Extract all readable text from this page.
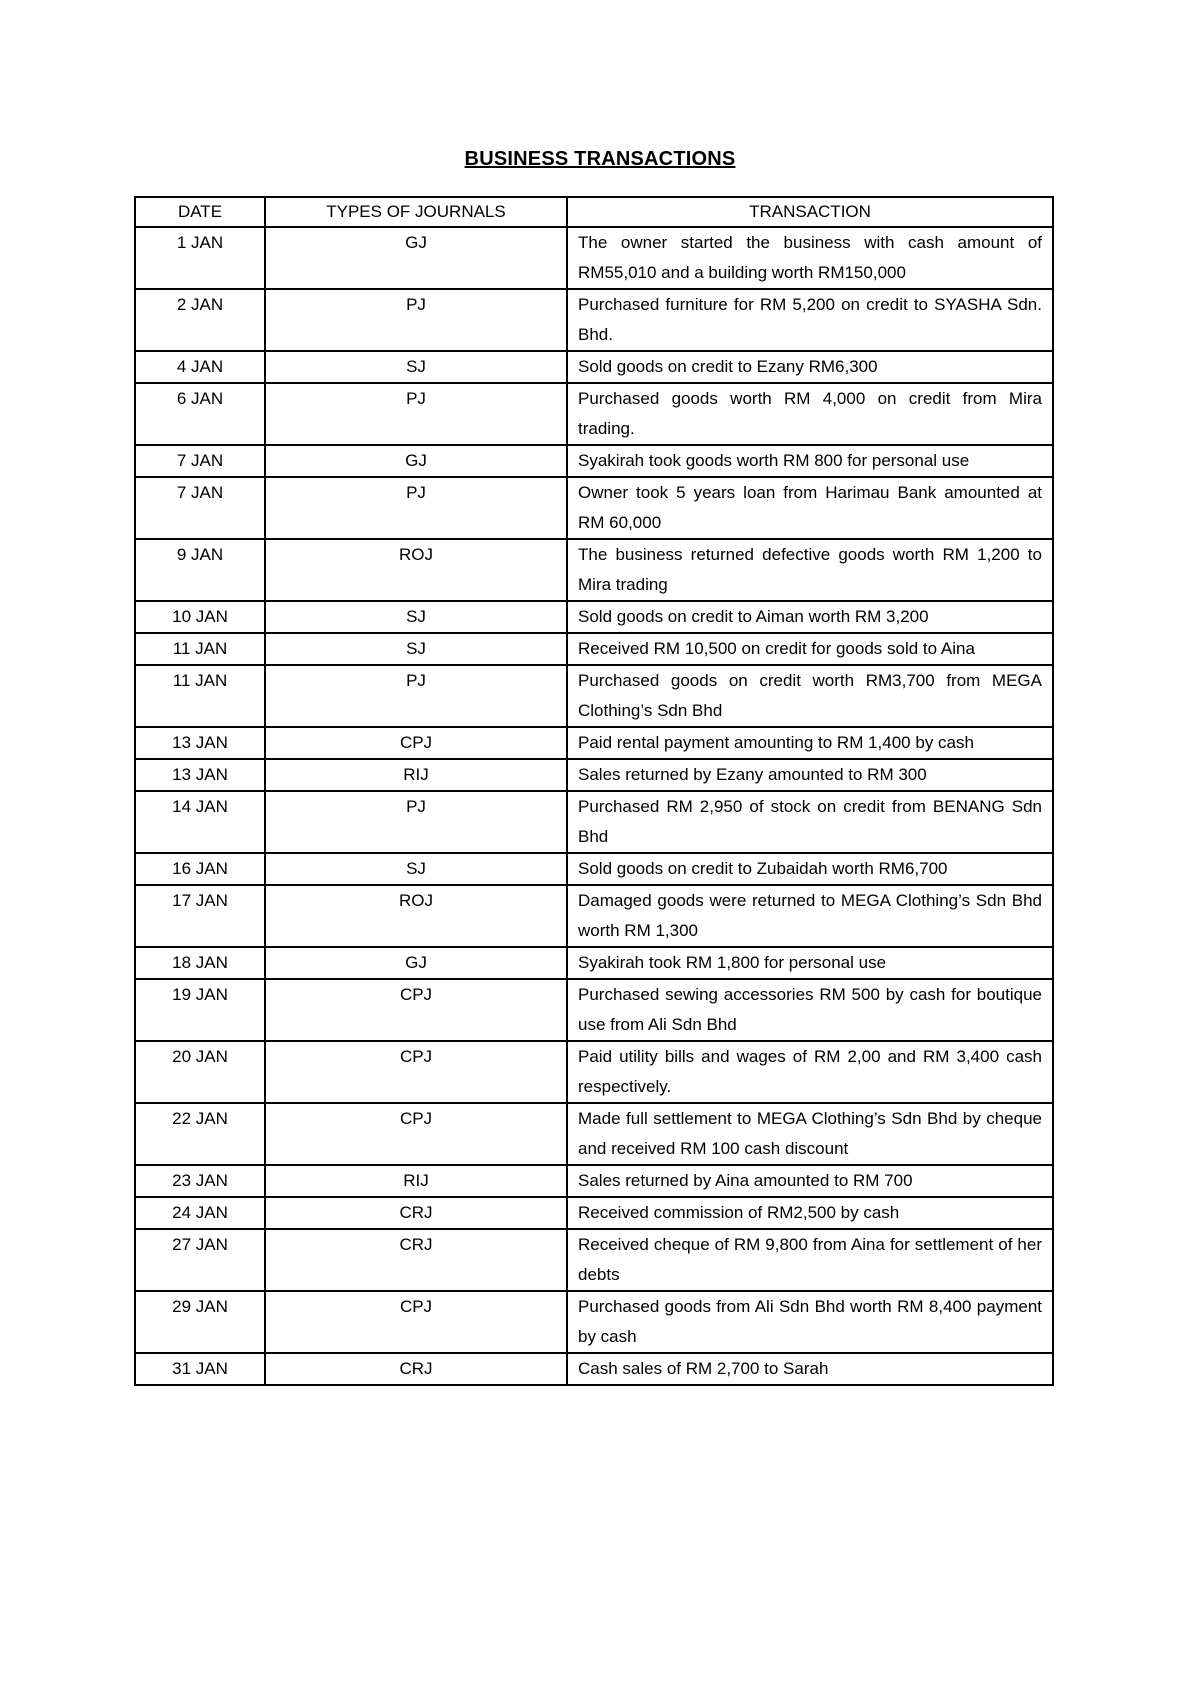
BUSINESS TRANSACTIONS
DATE	TYPES OF JOURNALS	TRANSACTION
1 JAN	GJ	The owner started the business with cash amount of RM55,010 and a building worth RM150,000
2 JAN	PJ	Purchased furniture for RM 5,200 on credit to SYASHA Sdn. Bhd.
4 JAN	SJ	Sold goods on credit to Ezany RM6,300
6 JAN	PJ	Purchased goods worth RM 4,000 on credit from Mira trading.
7 JAN	GJ	Syakirah took goods worth RM 800 for personal use
7 JAN	PJ	Owner took 5 years loan from Harimau Bank amounted at RM 60,000
9 JAN	ROJ	The business returned defective goods worth RM 1,200 to Mira trading
10 JAN	SJ	Sold goods on credit to Aiman worth RM 3,200
11 JAN	SJ	Received RM 10,500 on credit for goods sold to Aina
11 JAN	PJ	Purchased goods on credit worth RM3,700 from MEGA Clothing’s Sdn Bhd
13 JAN	CPJ	Paid rental payment amounting to RM 1,400 by cash
13 JAN	RIJ	Sales returned by Ezany amounted to RM 300
14 JAN	PJ	Purchased RM 2,950 of stock on credit from BENANG Sdn Bhd
16 JAN	SJ	Sold goods on credit to Zubaidah worth RM6,700
17 JAN	ROJ	Damaged goods were returned to MEGA Clothing’s Sdn Bhd worth RM 1,300
18 JAN	GJ	Syakirah took RM 1,800 for personal use
19 JAN	CPJ	Purchased sewing accessories RM 500 by cash for boutique use from Ali Sdn Bhd
20 JAN	CPJ	Paid utility bills and wages of RM 2,00 and RM 3,400 cash respectively.
22 JAN	CPJ	Made full settlement to MEGA Clothing’s Sdn Bhd by cheque and received RM 100 cash discount
23 JAN	RIJ	Sales returned by Aina amounted to RM 700
24 JAN	CRJ	Received commission of RM2,500 by cash
27 JAN	CRJ	Received cheque of RM 9,800 from Aina for settlement of her debts
29 JAN	CPJ	Purchased goods from Ali Sdn Bhd worth RM 8,400 payment by cash
31 JAN	CRJ	Cash sales of RM 2,700 to Sarah
